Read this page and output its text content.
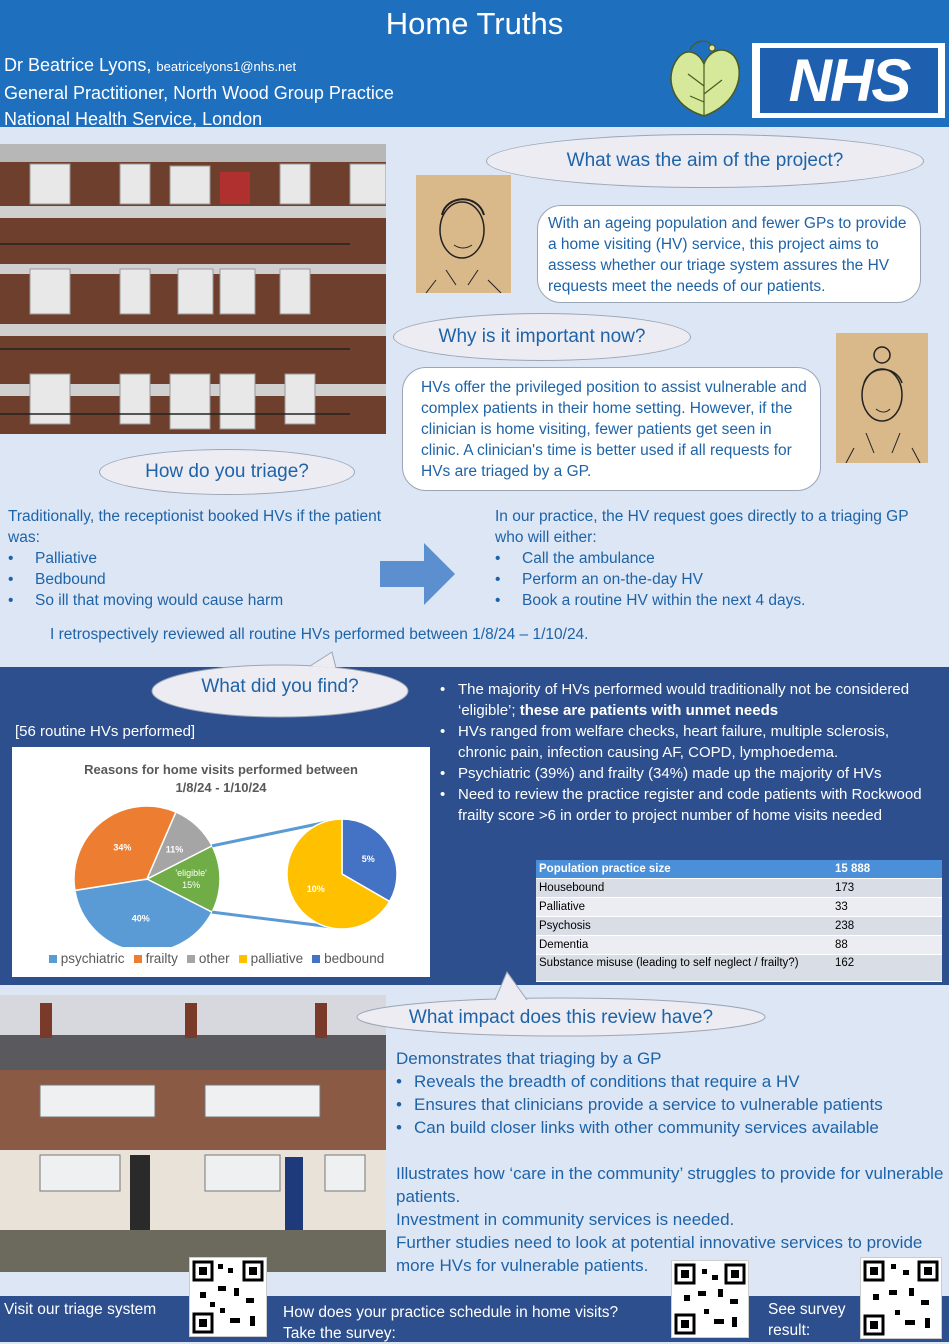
Home Truths
Dr Beatrice Lyons, beatricelyons1@nhs.net
General Practitioner, North Wood Group Practice
National Health Service, London
NHS
What was the aim of the project?
With an ageing population and fewer GPs to provide a home visiting (HV) service, this project aims to assess whether our triage system assures the HV requests meet the needs of our patients.
Why is it important now?
HVs offer the privileged position to assist vulnerable and complex patients in their home setting. However, if the clinician is home visiting, fewer patients get seen in clinic. A clinician's time is better used if all requests for HVs are triaged by a GP.
How do you triage?
Traditionally, the receptionist booked HVs if the patient was:
• Palliative
• Bedbound
• So ill that moving would cause harm
In our practice, the HV request goes directly to a triaging GP who will either:
• Call the ambulance
• Perform an on-the-day HV
• Book a routine HV within the next 4 days.
I retrospectively reviewed all routine HVs performed between 1/8/24 – 1/10/24.
What did you find?
[56 routine HVs performed]
Reasons for home visits performed between
1/8/24 - 1/10/24
'eligible'
15%
40%
34%	11%
5%
10%
psychiatric frailty other palliative bedbound
• The majority of HVs performed would traditionally not be considered ‘eligible’; these are patients with unmet needs
• HVs ranged from welfare checks, heart failure, multiple sclerosis, chronic pain, infection causing AF, COPD, lymphoedema.
• Psychiatric (39%) and frailty (34%) made up the majority of HVs
• Need to review the practice register and code patients with Rockwood frailty score >6 in order to project number of home visits needed
Population practice size	15 888
Housebound	173
Palliative	33
Psychosis	238
Dementia	88
Substance misuse (leading to self neglect / frailty?)	162
What impact does this review have?
Demonstrates that triaging by a GP
• Reveals the breadth of conditions that require a HV
• Ensures that clinicians provide a service to vulnerable patients
• Can build closer links with other community services available
Illustrates how ‘care in the community’ struggles to provide for vulnerable patients.
Investment in community services is needed.
Further studies need to look at potential innovative services to provide more HVs for vulnerable patients.
Visit our triage system	How does your practice schedule in home visits?
Take the survey:
See survey
result:
